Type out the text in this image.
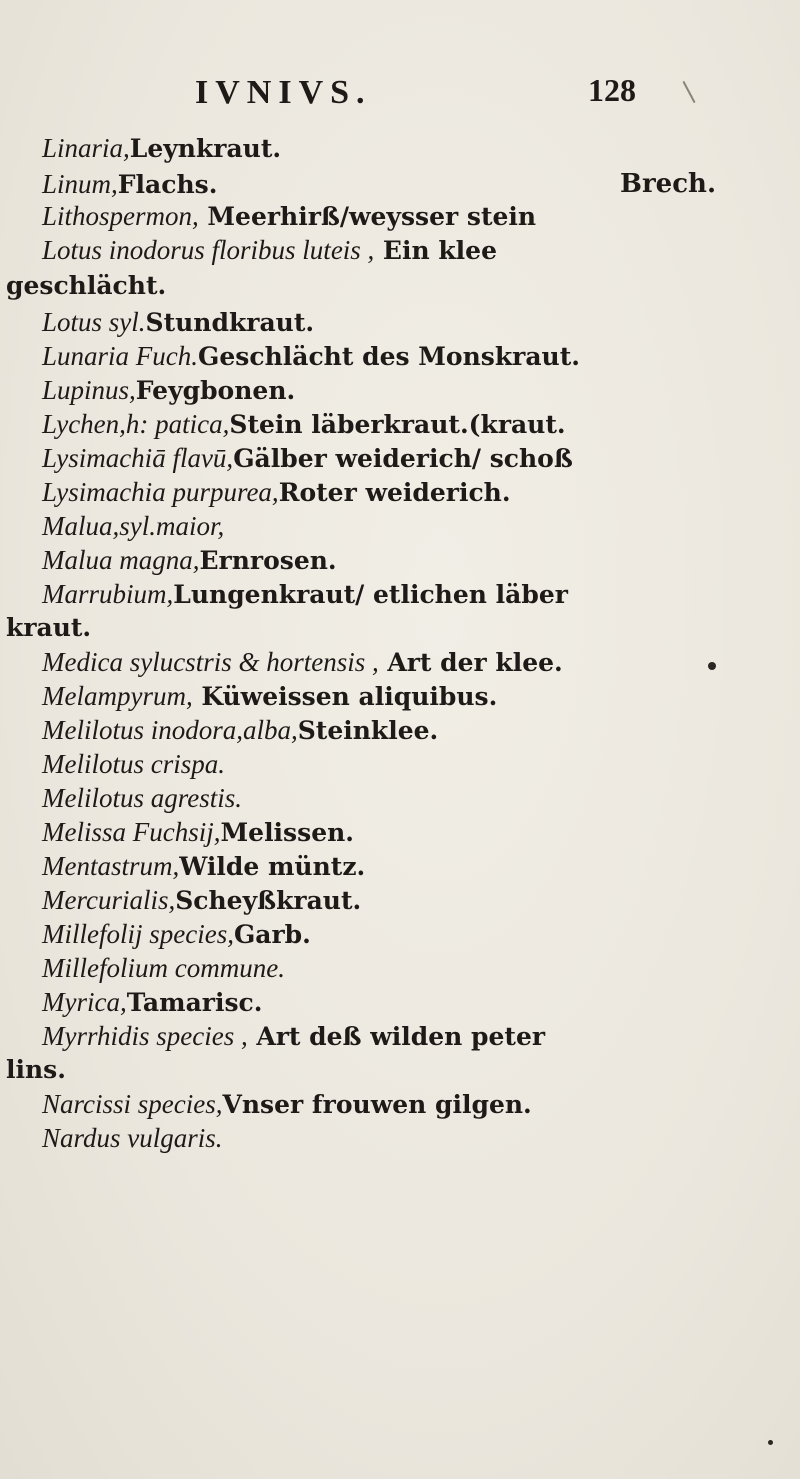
IVNIVS.	128
Linaria,Leynkraut.
Linum,Flachs.	Brech.
Lithospermon, Meerhirß/weysser stein
Lotus inodorus floribus luteis , Ein klee
geschlächt.
Lotus syl.Stundkraut.
Lunaria Fuch.Geschlächt des Monskraut.
Lupinus,Feygbonen.
Lychen,h: patica,Stein läberkraut.(kraut.
Lysimachiā flavū,Gälber weiderich/ schoß
Lysimachia purpurea,Roter weiderich.
Malua,syl.maior,
Malua magna,Ernrosen.
Marrubium,Lungenkraut/ etlichen läber
kraut.
Medica sylucstris & hortensis , Art der klee.
Melampyrum, Küweissen aliquibus.
Melilotus inodora,alba,Steinklee.
Melilotus crispa.
Melilotus agrestis.
Melissa Fuchsij,Melissen.
Mentastrum,Wilde müntz.
Mercurialis,Scheyßkraut.
Millefolij species,Garb.
Millefolium commune.
Myrica,Tamarisc.
Myrrhidis species , Art deß wilden peter
lins.
Narcissi species,Vnser frouwen gilgen.
Nardus vulgaris.
